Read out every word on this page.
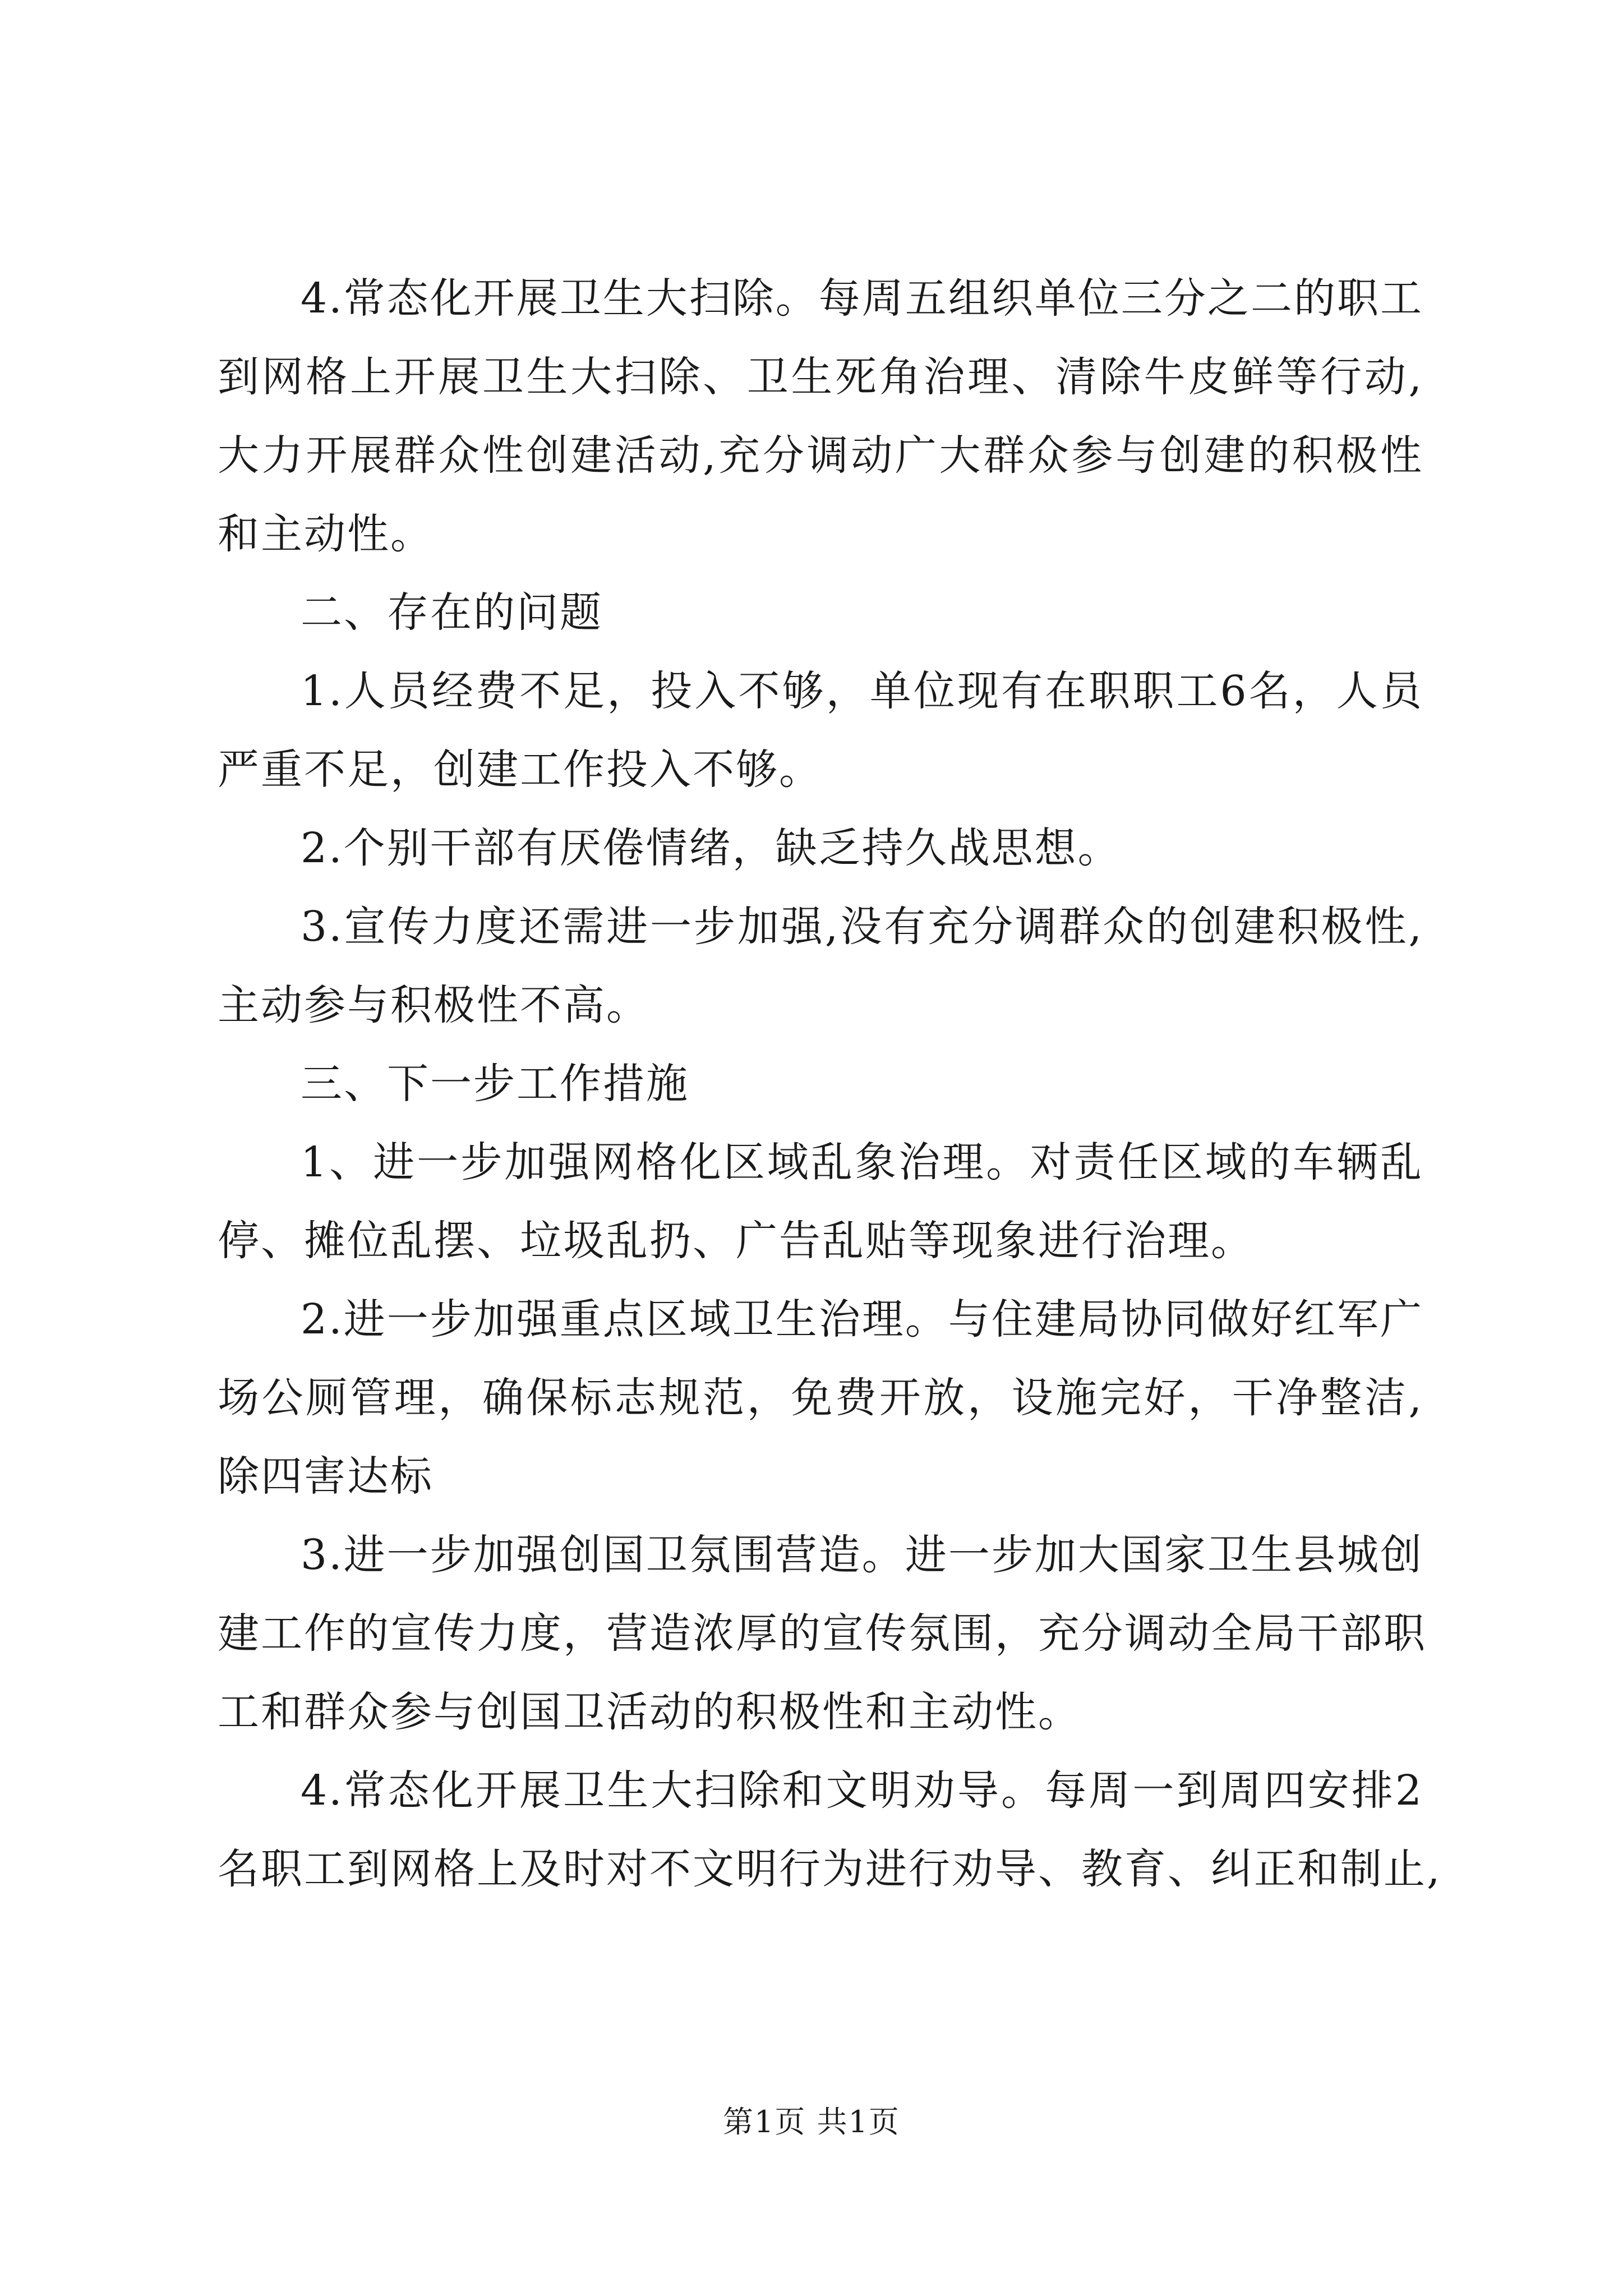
4.常态化开展卫生大扫除。每周五组织单位三分之二的职工
到网格上开展卫生大扫除、卫生死角治理、清除牛皮鲜等行动,
大力开展群众性创建活动,充分调动广大群众参与创建的积极性
和主动性。
二、存在的问题
1.人员经费不足，投入不够，单位现有在职职工6名，人员
严重不足，创建工作投入不够。
2.个别干部有厌倦情绪，缺乏持久战思想。
3.宣传力度还需进一步加强,没有充分调群众的创建积极性,
主动参与积极性不高。
三、下一步工作措施
1、进一步加强网格化区域乱象治理。对责任区域的车辆乱
停、摊位乱摆、垃圾乱扔、广告乱贴等现象进行治理。
2.进一步加强重点区域卫生治理。与住建局协同做好红军广
场公厕管理，确保标志规范，免费开放，设施完好，干净整洁,
除四害达标
3.进一步加强创国卫氛围营造。进一步加大国家卫生县城创
建工作的宣传力度，营造浓厚的宣传氛围，充分调动全局干部职
工和群众参与创国卫活动的积极性和主动性。
4.常态化开展卫生大扫除和文明劝导。每周一到周四安排2
名职工到网格上及时对不文明行为进行劝导、教育、纠正和制止,
第1页 共1页
